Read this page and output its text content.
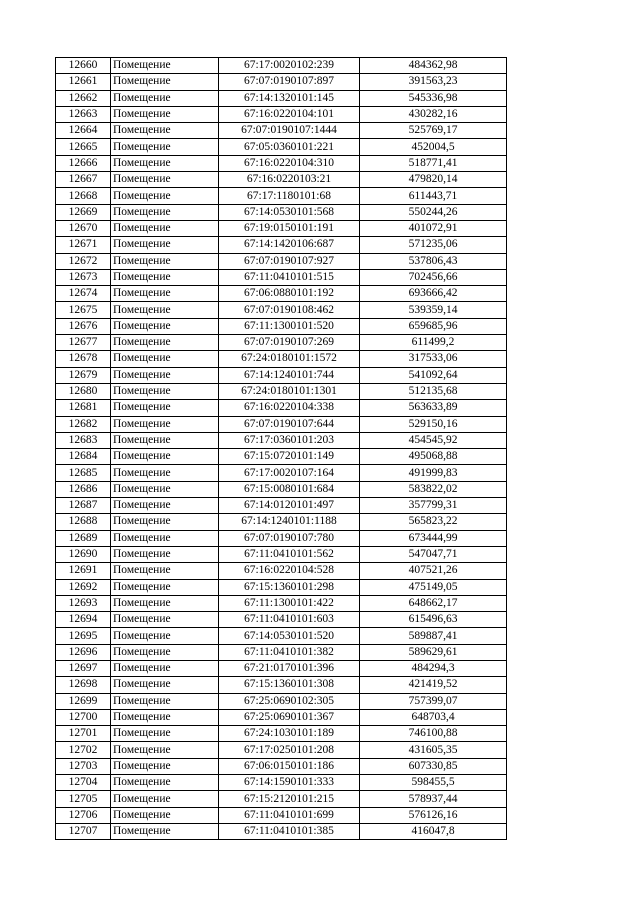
12660	Помещение	67:17:0020102:239	484362,98
12661	Помещение	67:07:0190107:897	391563,23
12662	Помещение	67:14:1320101:145	545336,98
12663	Помещение	67:16:0220104:101	430282,16
12664	Помещение	67:07:0190107:1444	525769,17
12665	Помещение	67:05:0360101:221	452004,5
12666	Помещение	67:16:0220104:310	518771,41
12667	Помещение	67:16:0220103:21	479820,14
12668	Помещение	67:17:1180101:68	611443,71
12669	Помещение	67:14:0530101:568	550244,26
12670	Помещение	67:19:0150101:191	401072,91
12671	Помещение	67:14:1420106:687	571235,06
12672	Помещение	67:07:0190107:927	537806,43
12673	Помещение	67:11:0410101:515	702456,66
12674	Помещение	67:06:0880101:192	693666,42
12675	Помещение	67:07:0190108:462	539359,14
12676	Помещение	67:11:1300101:520	659685,96
12677	Помещение	67:07:0190107:269	611499,2
12678	Помещение	67:24:0180101:1572	317533,06
12679	Помещение	67:14:1240101:744	541092,64
12680	Помещение	67:24:0180101:1301	512135,68
12681	Помещение	67:16:0220104:338	563633,89
12682	Помещение	67:07:0190107:644	529150,16
12683	Помещение	67:17:0360101:203	454545,92
12684	Помещение	67:15:0720101:149	495068,88
12685	Помещение	67:17:0020107:164	491999,83
12686	Помещение	67:15:0080101:684	583822,02
12687	Помещение	67:14:0120101:497	357799,31
12688	Помещение	67:14:1240101:1188	565823,22
12689	Помещение	67:07:0190107:780	673444,99
12690	Помещение	67:11:0410101:562	547047,71
12691	Помещение	67:16:0220104:528	407521,26
12692	Помещение	67:15:1360101:298	475149,05
12693	Помещение	67:11:1300101:422	648662,17
12694	Помещение	67:11:0410101:603	615496,63
12695	Помещение	67:14:0530101:520	589887,41
12696	Помещение	67:11:0410101:382	589629,61
12697	Помещение	67:21:0170101:396	484294,3
12698	Помещение	67:15:1360101:308	421419,52
12699	Помещение	67:25:0690102:305	757399,07
12700	Помещение	67:25:0690101:367	648703,4
12701	Помещение	67:24:1030101:189	746100,88
12702	Помещение	67:17:0250101:208	431605,35
12703	Помещение	67:06:0150101:186	607330,85
12704	Помещение	67:14:1590101:333	598455,5
12705	Помещение	67:15:2120101:215	578937,44
12706	Помещение	67:11:0410101:699	576126,16
12707	Помещение	67:11:0410101:385	416047,8
